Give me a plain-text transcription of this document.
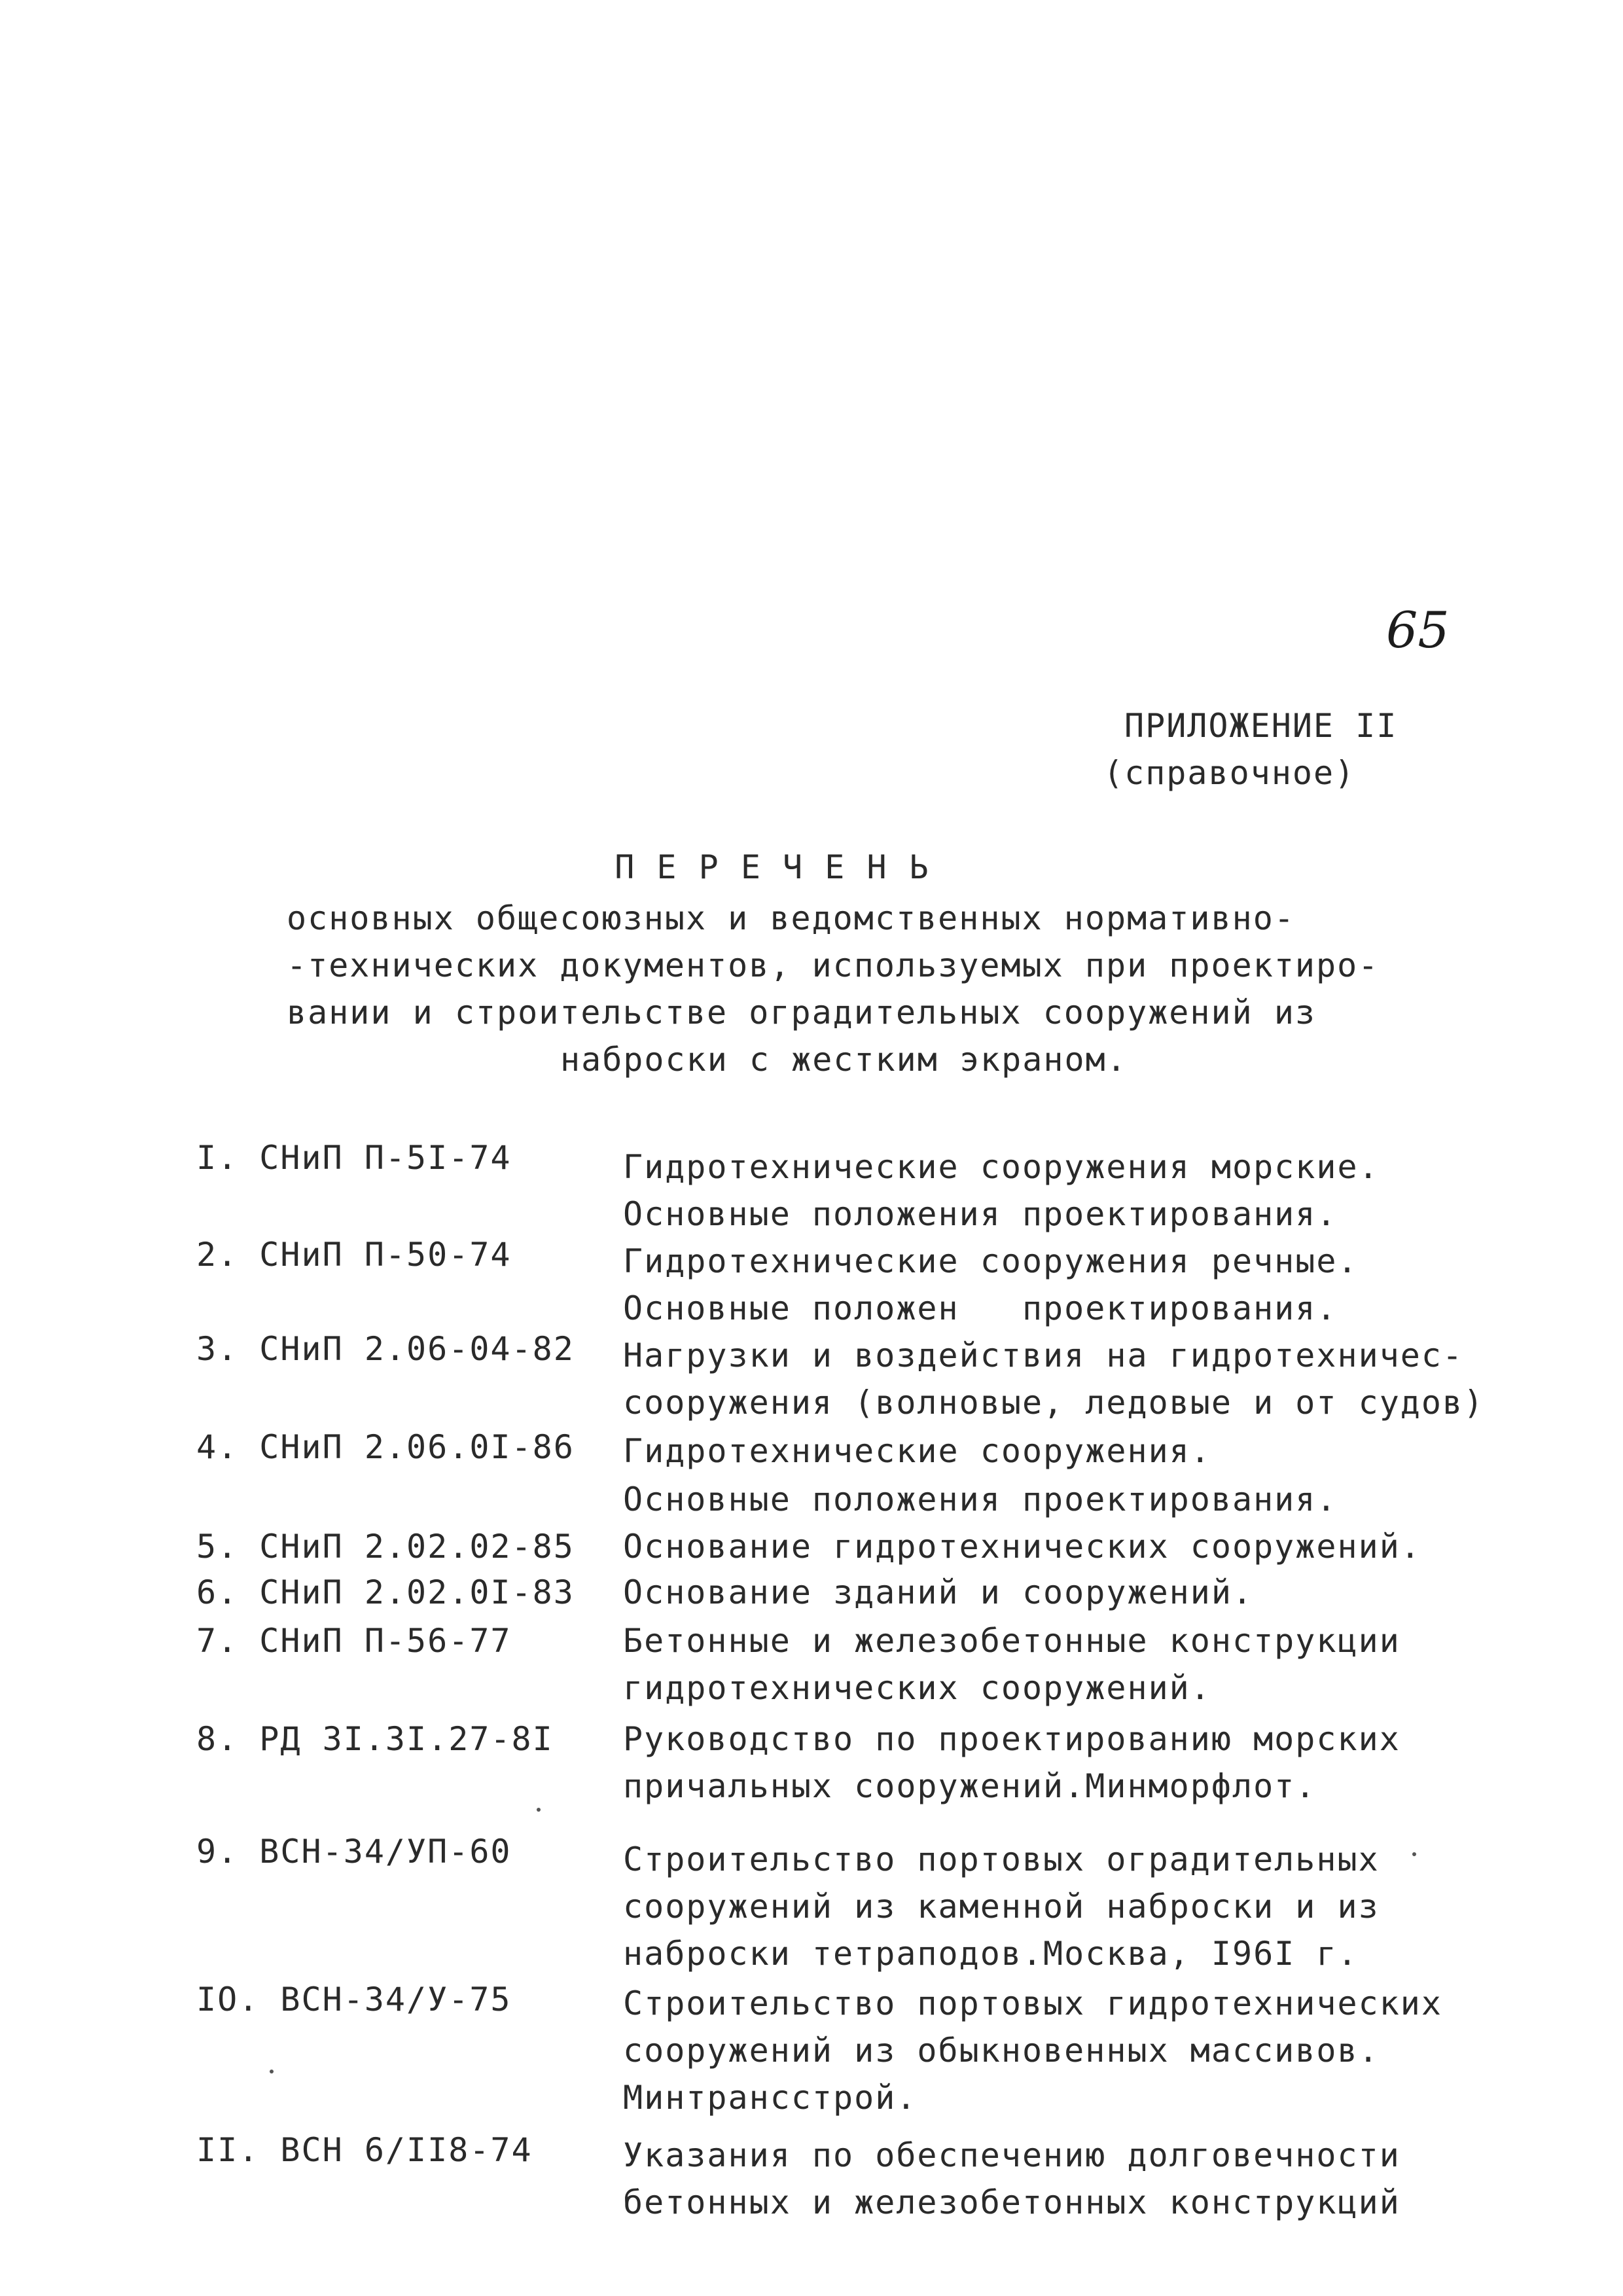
65
ПРИЛОЖЕНИЕ II
(справочное)
П Е Р Е Ч Е Н Ь
основных общесоюзных и ведомственных нормативно-
-технических документов, используемых при проектиро-
вании и строительстве оградительных сооружений из
наброски с жестким экраном.
I. СНиП П-5I-74	Гидротехнические сооружения морские.
Основные положения проектирования.
2. СНиП П-50-74	Гидротехнические сооружения речные.
Основные положен   проектирования.
3. СНиП 2.06-04-82 Нагрузки и воздействия на гидротехничес-
сооружения (волновые, ледовые и от судов)
4. СНиП 2.06.0I-86 Гидротехнические сооружения.
Основные положения проектирования.
5. СНиП 2.02.02-85 Основание гидротехнических сооружений.
6. СНиП 2.02.0I-83 Основание зданий и сооружений.
7. СНиП П-56-77	Бетонные и железобетонные конструкции
гидротехнических сооружений.
8. РД 3I.3I.27-8I Руководство по проектированию морских
причальных сооружений.Минморфлот.
9. ВСН-34/УП-60	Строительство портовых оградительных
сооружений из каменной наброски и из
наброски тетраподов.Москва, I96I г.
IO. ВСН-34/У-75	Строительство портовых гидротехнических
сооружений из обыкновенных массивов.
Минтрансстрой.
II. ВСН 6/II8-74	Указания по обеспечению долговечности
бетонных и железобетонных конструкций
